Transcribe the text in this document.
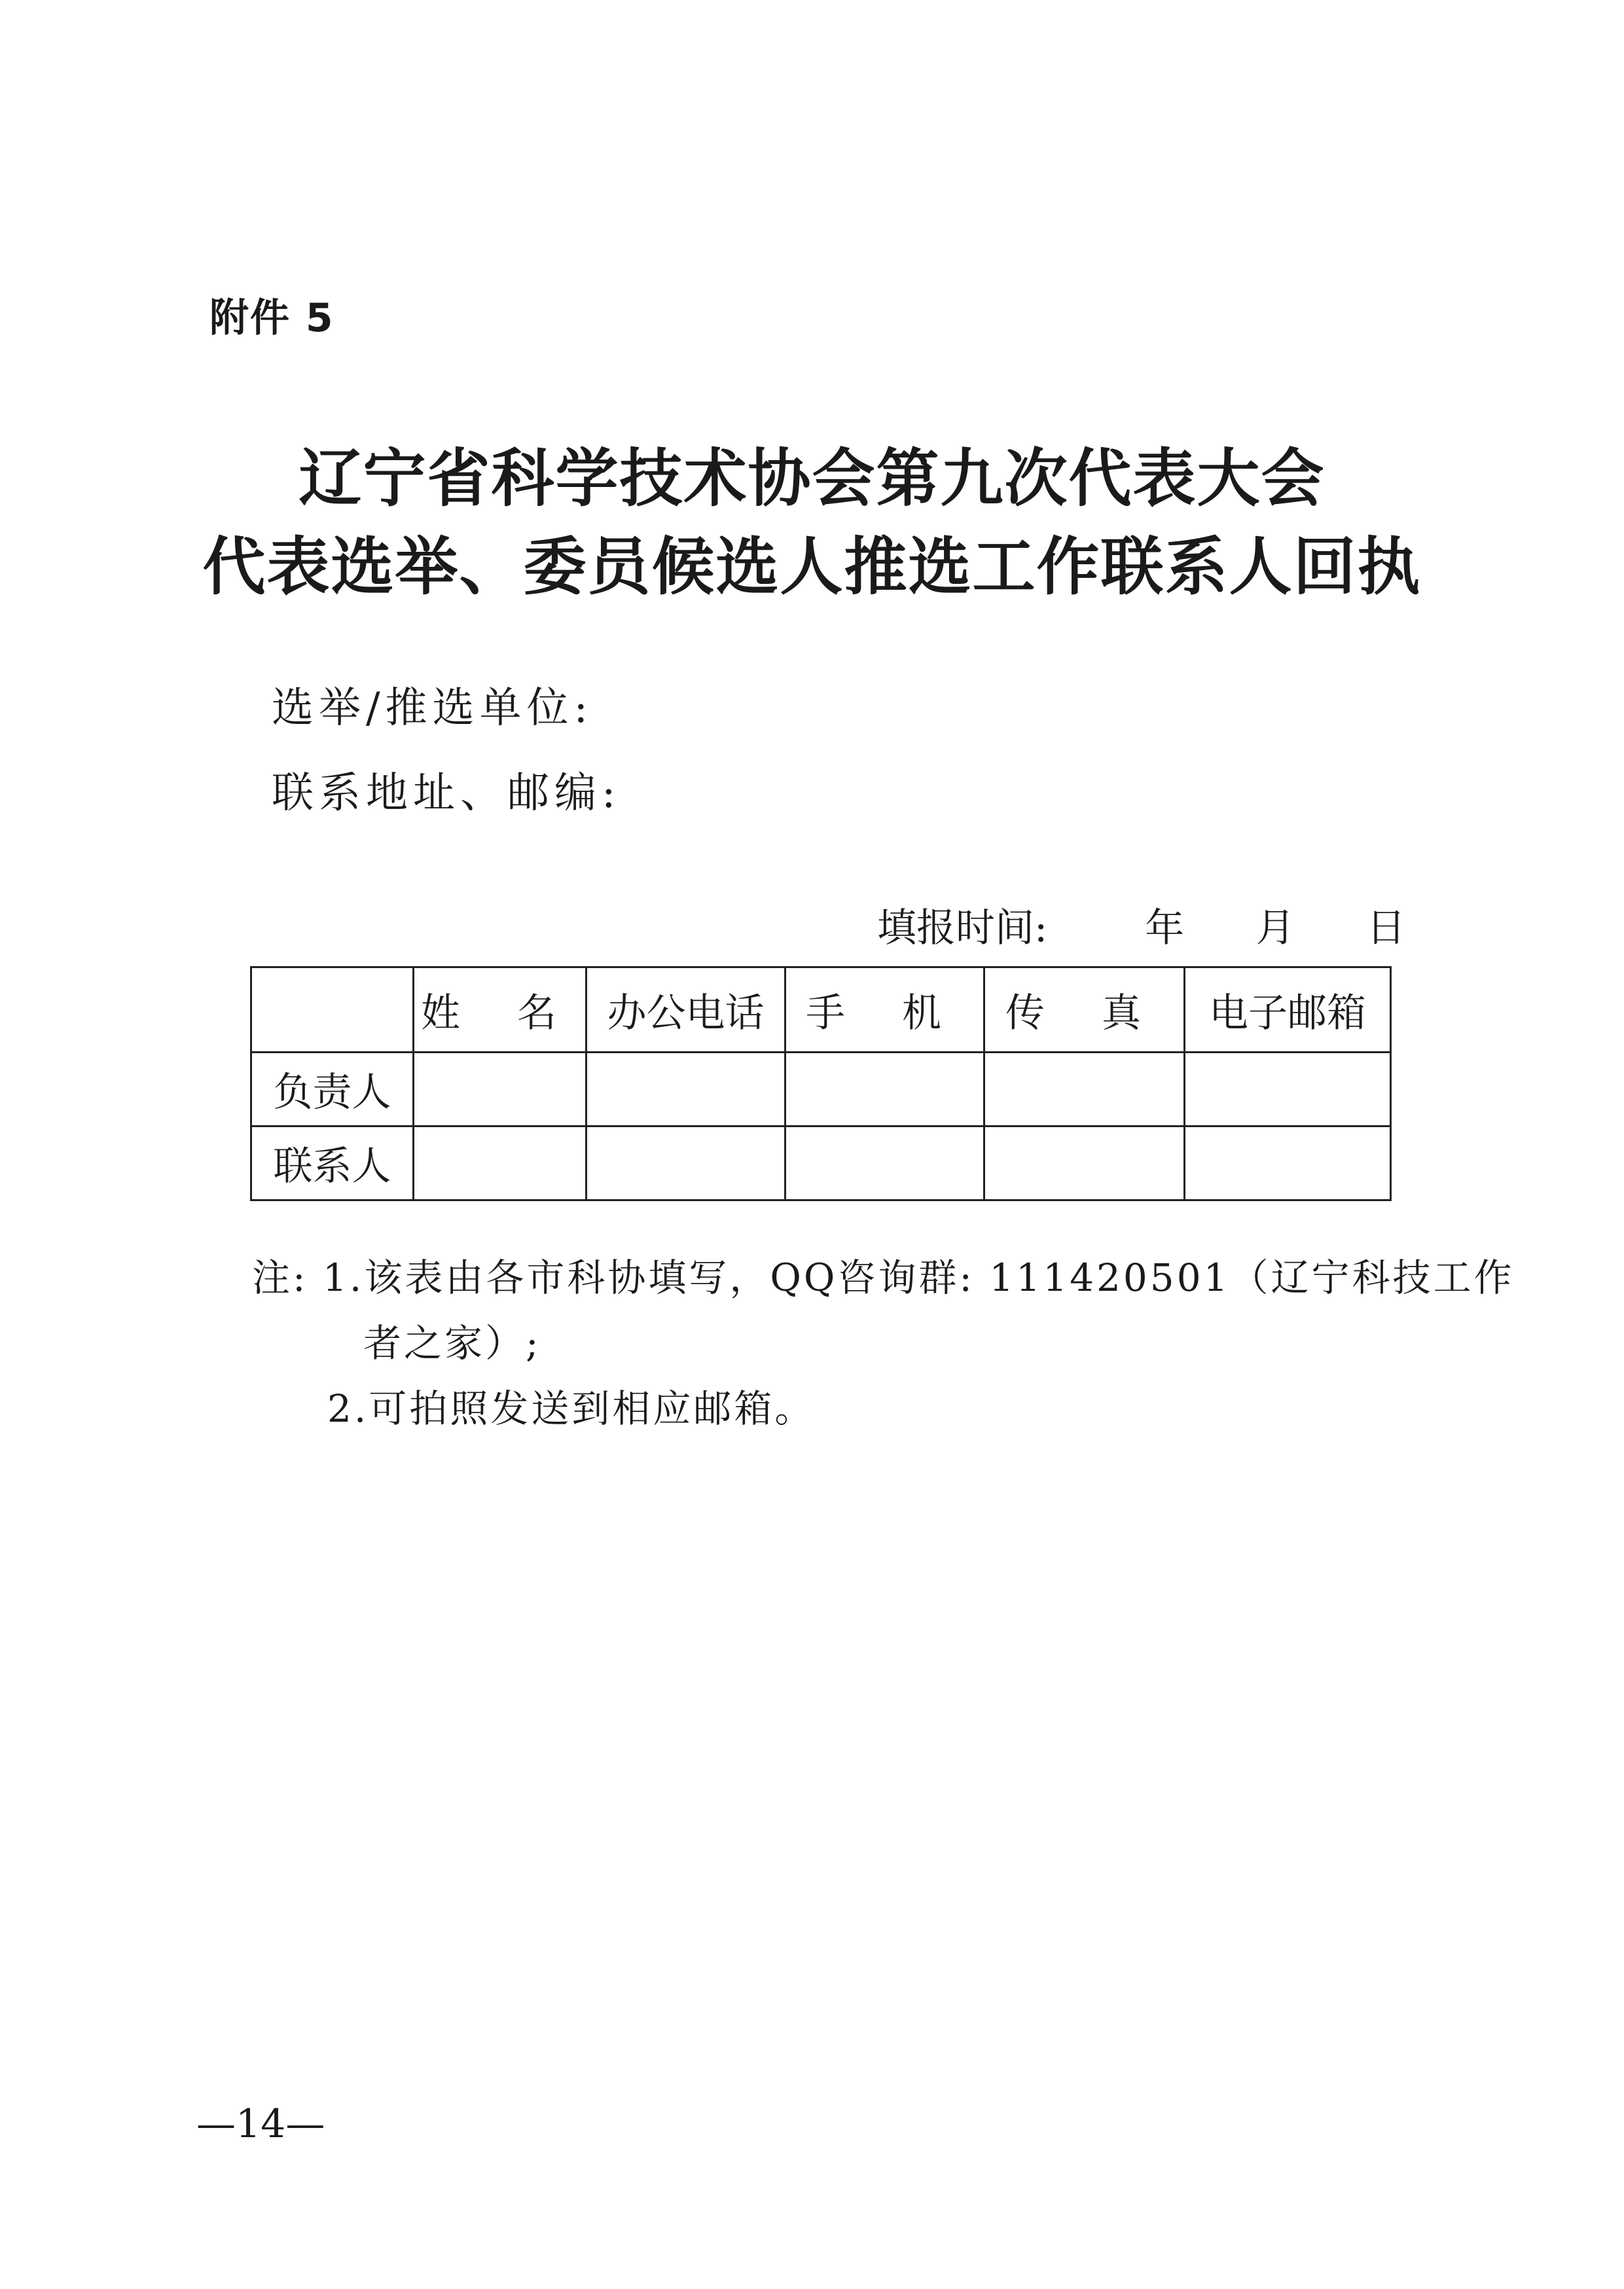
附件 5
辽宁省科学技术协会第九次代表大会
代表选举、委员候选人推选工作联系人回执
选举/推选单位:
联系地址、邮编:
填报时间: 年 月 日
	姓 名	办公电话	手 机	传 真	电子邮箱
负责人					
联系人					
注: 1.该表由各市科协填写，QQ咨询群: 111420501（辽宁科技工作
者之家）;
2.可拍照发送到相应邮箱。
—14—
